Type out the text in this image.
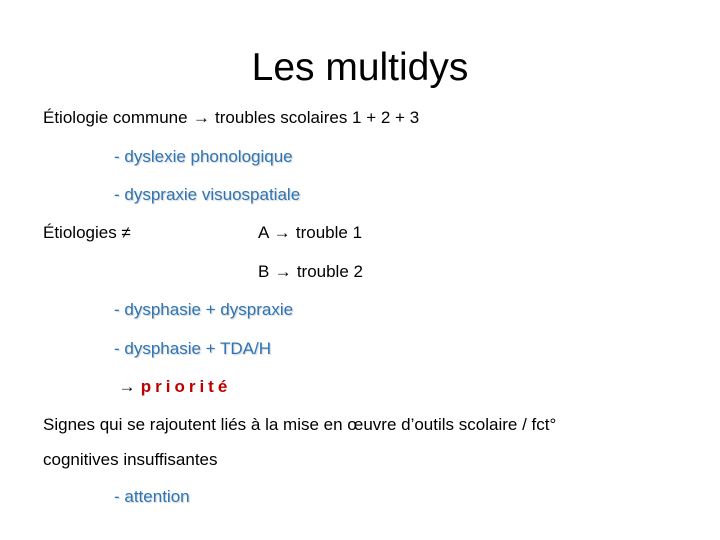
Les multidys
Étiologie commune → troubles scolaires 1 + 2 + 3
- dyslexie phonologique
- dyspraxie visuospatiale
Étiologies ≠	A → trouble 1
B → trouble 2
- dysphasie + dyspraxie
- dysphasie + TDA/H
→ priorité
Signes qui se rajoutent liés à la mise en œuvre d’outils scolaire / fct°
cognitives insuffisantes
- attention
